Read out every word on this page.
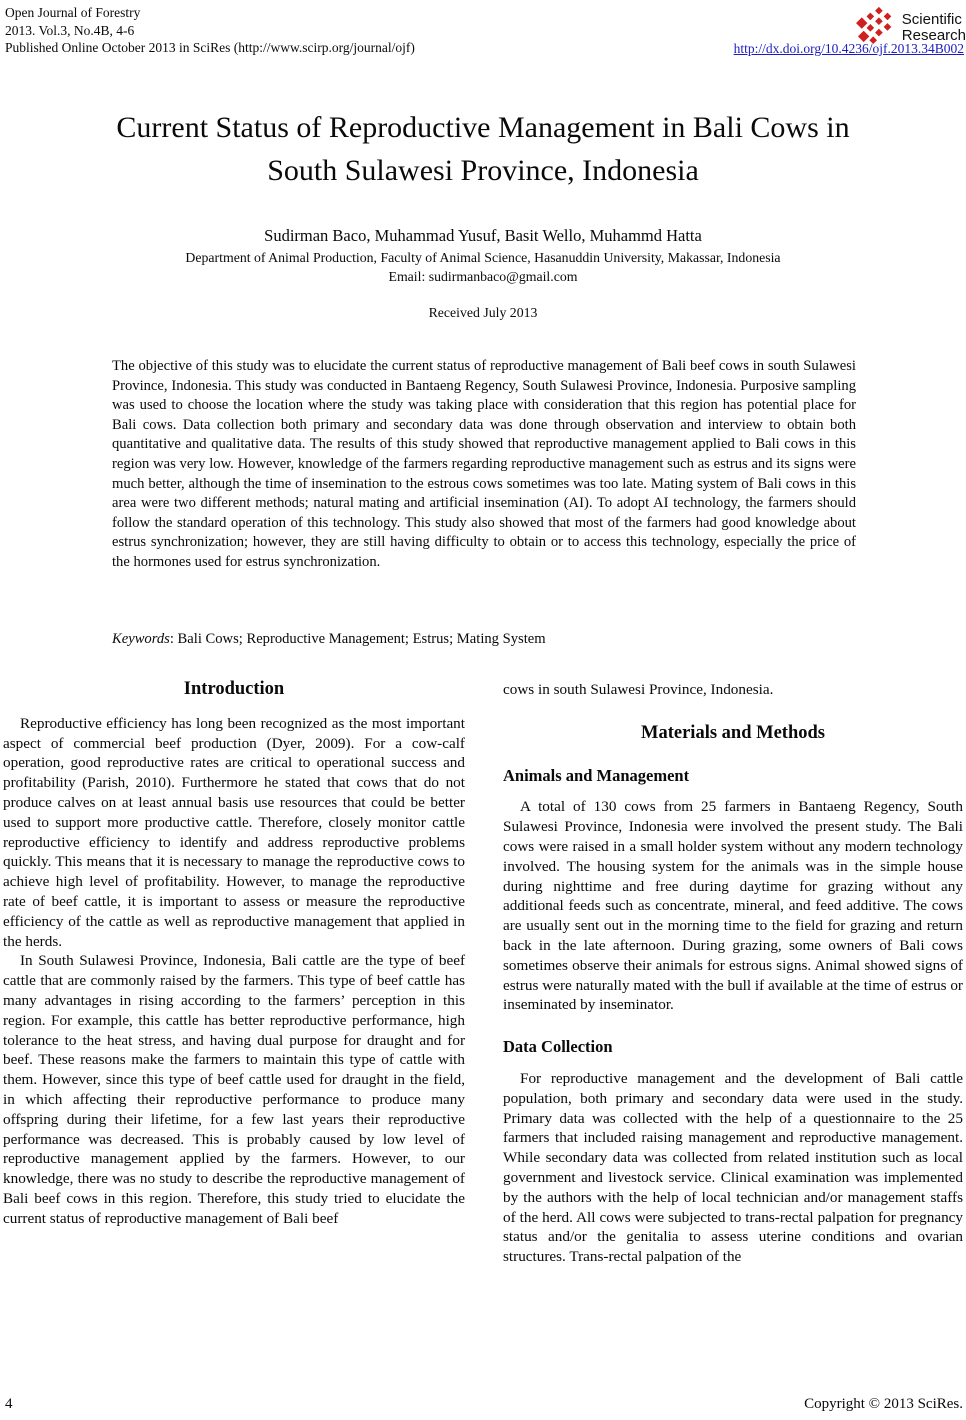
Open Journal of Forestry
2013. Vol.3, No.4B, 4-6
Published Online October 2013 in SciRes (http://www.scirp.org/journal/ojf)
Scientific
Research
http://dx.doi.org/10.4236/ojf.2013.34B002
Current Status of Reproductive Management in Bali Cows in
South Sulawesi Province, Indonesia
Sudirman Baco, Muhammad Yusuf, Basit Wello, Muhammd Hatta
Department of Animal Production, Faculty of Animal Science, Hasanuddin University, Makassar, Indonesia
Email: sudirmanbaco@gmail.com
Received July 2013
The objective of this study was to elucidate the current status of reproductive management of Bali beef cows in south Sulawesi Province, Indonesia. This study was conducted in Bantaeng Regency, South Sulawesi Province, Indonesia. Purposive sampling was used to choose the location where the study was taking place with consideration that this region has potential place for Bali cows. Data collection both primary and secondary data was done through observation and interview to obtain both quantitative and qualitative data. The results of this study showed that reproductive management applied to Bali cows in this region was very low. However, knowledge of the farmers regarding reproductive management such as estrus and its signs were much better, although the time of insemination to the estrous cows sometimes was too late. Mating system of Bali cows in this area were two different methods; natural mating and artificial insemination (AI). To adopt AI technology, the farmers should follow the standard operation of this technology. This study also showed that most of the farmers had good knowledge about estrus synchronization; however, they are still having difficulty to obtain or to access this technology, especially the price of the hormones used for estrus synchronization.
Keywords: Bali Cows; Reproductive Management; Estrus; Mating System
Introduction

Reproductive efficiency has long been recognized as the most important aspect of commercial beef production (Dyer, 2009). For a cow-calf operation, good reproductive rates are critical to operational success and profitability (Parish, 2010). Furthermore he stated that cows that do not produce calves on at least annual basis use resources that could be better used to support more productive cattle. Therefore, closely monitor cattle reproductive efficiency to identify and address reproductive problems quickly. This means that it is necessary to manage the reproductive cows to achieve high level of profitability. However, to manage the reproductive rate of beef cattle, it is important to assess or measure the reproductive efficiency of the cattle as well as reproductive management that applied in the herds.

In South Sulawesi Province, Indonesia, Bali cattle are the type of beef cattle that are commonly raised by the farmers. This type of beef cattle has many advantages in rising according to the farmers’ perception in this region. For example, this cattle has better reproductive performance, high tolerance to the heat stress, and having dual purpose for draught and for beef. These reasons make the farmers to maintain this type of cattle with them. However, since this type of beef cattle used for draught in the field, in which affecting their reproductive performance to produce many offspring during their lifetime, for a few last years their reproductive performance was decreased. This is probably caused by low level of reproductive management applied by the farmers. However, to our knowledge, there was no study to describe the reproductive management of Bali beef cows in this region. Therefore, this study tried to elucidate the current status of reproductive management of Bali beef

cows in south Sulawesi Province, Indonesia.

Materials and Methods
Animals and Management

A total of 130 cows from 25 farmers in Bantaeng Regency, South Sulawesi Province, Indonesia were involved the present study. The Bali cows were raised in a small holder system without any modern technology involved. The housing system for the animals was in the simple house during nighttime and free during daytime for grazing without any additional feeds such as concentrate, mineral, and feed additive. The cows are usually sent out in the morning time to the field for grazing and return back in the late afternoon. During grazing, some owners of Bali cows sometimes observe their animals for estrous signs. Animal showed signs of estrus were naturally mated with the bull if available at the time of estrus or inseminated by inseminator.

Data Collection

For reproductive management and the development of Bali cattle population, both primary and secondary data were used in the study. Primary data was collected with the help of a questionnaire to the 25 farmers that included raising management and reproductive management. While secondary data was collected from related institution such as local government and livestock service. Clinical examination was implemented by the authors with the help of local technician and/or management staffs of the herd. All cows were subjected to trans-rectal palpation for pregnancy status and/or the genitalia to assess uterine conditions and ovarian structures. Trans-rectal palpation of the

4	Copyright © 2013 SciRes.
